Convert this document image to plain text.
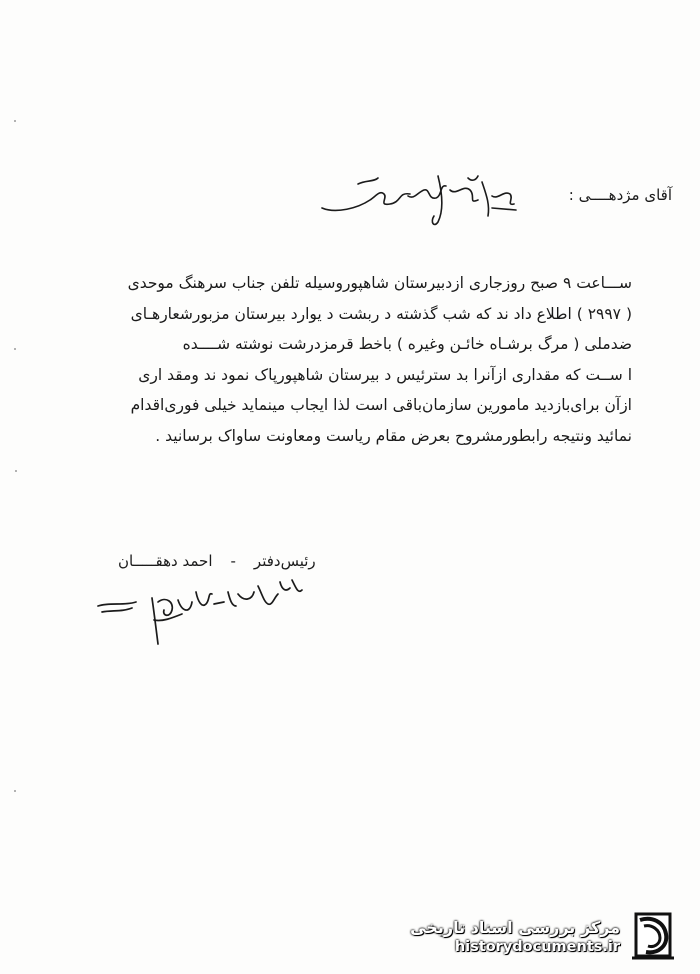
آقای مژدهــــی :
ســـاعت ۹ صبح روزجاری ازدبیرستان شاهپوروسیله تلفن جناب سرهنگ موحدی
( ۲۹۹۷ ) اطلاع داد ند که شب گذشته د ربشت د یوارد بیرستان مزبورشعارهـای
ضدملی ( مرگ برشـاه خائـن وغیره ) باخط قرمزدرشت نوشته شــــده
ا ســت که مقداری ازآنرا بد سترئیس د بیرستان شاهپورپاک نمود ند ومقد اری
ازآن برای‌بازدید مامورین سازمان‌باقی است لذا ایجاب مینماید خیلی فوری‌اقدام
نمائید ونتیجه رابطورمشروح بعرض مقام ریاست ومعاونت ساواک برسانید .
رئیس‌دفتر-احمد دهقـــــان
مرکز بررسی اسناد تاریخی
historydocuments.ir
